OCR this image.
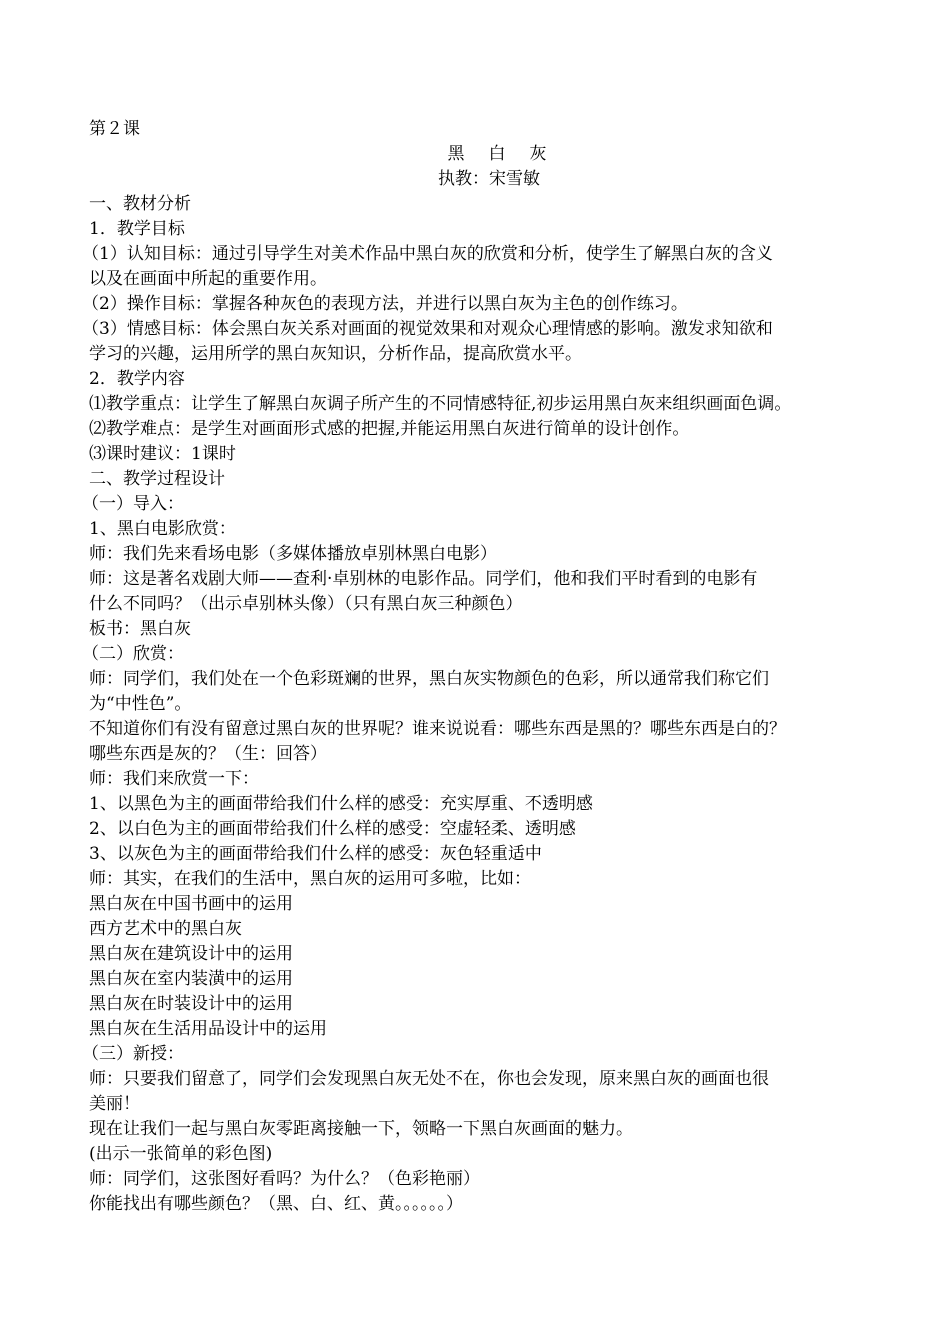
第２课
黑白灰
执教：宋雪敏
一、教材分析
1．教学目标
（1）认知目标：通过引导学生对美术作品中黑白灰的欣赏和分析，使学生了解黑白灰的含义
以及在画面中所起的重要作用。
（2）操作目标：掌握各种灰色的表现方法，并进行以黑白灰为主色的创作练习。
（3）情感目标：体会黑白灰关系对画面的视觉效果和对观众心理情感的影响。激发求知欲和
学习的兴趣，运用所学的黑白灰知识，分析作品，提高欣赏水平。
2．教学内容
⑴教学重点：让学生了解黑白灰调子所产生的不同情感特征,初步运用黑白灰来组织画面色调。
⑵教学难点：是学生对画面形式感的把握,并能运用黑白灰进行简单的设计创作。
⑶课时建议：1课时
二、教学过程设计
（一）导入：
1、黑白电影欣赏：
师：我们先来看场电影（多媒体播放卓别林黑白电影）
师：这是著名戏剧大师——查利·卓别林的电影作品。同学们，他和我们平时看到的电影有
什么不同吗？（出示卓别林头像）（只有黑白灰三种颜色）
板书：黑白灰
（二）欣赏：
师：同学们，我们处在一个色彩斑斓的世界，黑白灰实物颜色的色彩，所以通常我们称它们
为“中性色”。
不知道你们有没有留意过黑白灰的世界呢？谁来说说看：哪些东西是黑的？哪些东西是白的？
哪些东西是灰的？（生：回答）
师：我们来欣赏一下：
1、以黑色为主的画面带给我们什么样的感受：充实厚重、不透明感
2、以白色为主的画面带给我们什么样的感受：空虚轻柔、透明感
3、以灰色为主的画面带给我们什么样的感受：灰色轻重适中
师：其实，在我们的生活中，黑白灰的运用可多啦，比如：
黑白灰在中国书画中的运用
西方艺术中的黑白灰
黑白灰在建筑设计中的运用
黑白灰在室内装潢中的运用
黑白灰在时装设计中的运用
黑白灰在生活用品设计中的运用
（三）新授：
师：只要我们留意了，同学们会发现黑白灰无处不在，你也会发现，原来黑白灰的画面也很
美丽！
现在让我们一起与黑白灰零距离接触一下，领略一下黑白灰画面的魅力。
(出示一张简单的彩色图)
师：同学们，这张图好看吗？为什么？（色彩艳丽）
你能找出有哪些颜色？（黑、白、红、黄。。。。。。）
